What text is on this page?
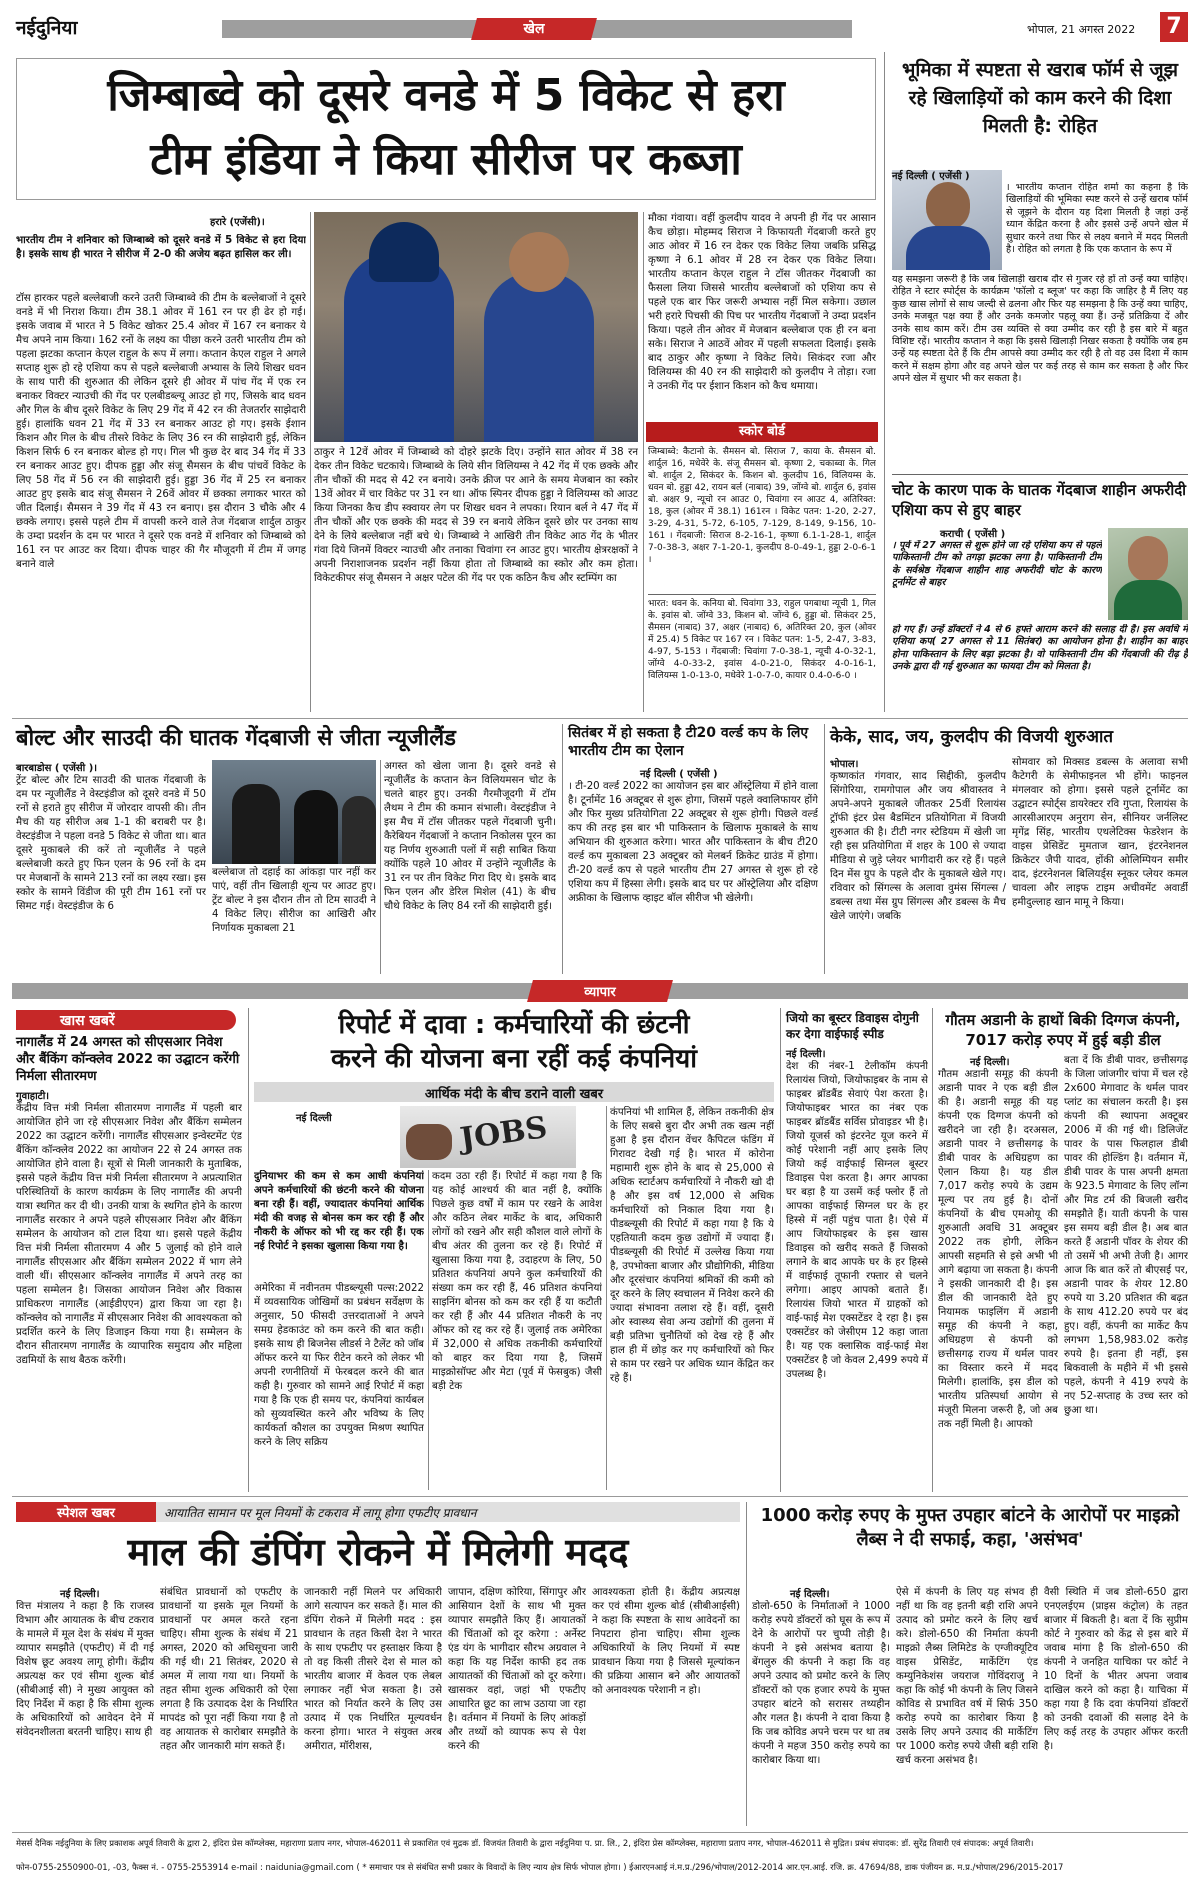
नईदुनिया	खेल	भोपाल, 21 अगस्त 2022 7
जिम्बाब्वे को दूसरे वनडे में 5 विकेट से हरा
टीम इंडिया ने किया सीरीज पर कब्जा
हरारे (एजेंसी)।
भारतीय टीम ने शनिवार को जिम्बाब्वे को दूसरे वनडे में 5 विकेट से हरा दिया है। इसके साथ ही भारत ने सीरीज में 2-0 की अजेय बढ़त हासिल कर ली।
टॉस हारकर पहले बल्लेबाजी करने उतरी जिम्बाब्वे की टीम के बल्लेबाजों ने दूसरे वनडे में भी निराश किया। टीम 38.1 ओवर में 161 रन पर ही ढेर हो गई। इसके जवाब में भारत ने 5 विकेट खोकर 25.4 ओवर में 167 रन बनाकर ये मैच अपने नाम किया। 162 रनों के लक्ष्य का पीछा करने उतरी भारतीय टीम को पहला झटका कप्तान केएल राहुल के रूप में लगा। कप्तान केएल राहुल ने अगले सप्ताह शुरू हो रहे एशिया कप से पहले बल्लेबाजी अभ्यास के लिये शिखर धवन के साथ पारी की शुरुआत की लेकिन दूसरे ही ओवर में पांच गेंद में एक रन बनाकर विक्टर न्याउची की गेंद पर एलबीडब्ल्यू आउट हो गए, जिसके बाद धवन और गिल के बीच दूसरे विकेट के लिए 29 गेंद में 42 रन की तेजतर्रार साझेदारी हुई। हालांकि धवन 21 गेंद में 33 रन बनाकर आउट हो गए। इसके ईशान किशन और गिल के बीच तीसरे विकेट के लिए 36 रन की साझेदारी हुई, लेकिन किशन सिर्फ 6 रन बनाकर बोल्ड हो गए। गिल भी कुछ देर बाद 34 गेंद में 33 रन बनाकर आउट हुए। दीपक हुड्डा और संजू सैमसन के बीच पांचवें विकेट के लिए 58 गेंद में 56 रन की साझेदारी हुई। हुड्डा 36 गेंद में 25 रन बनाकर आउट हुए इसके बाद संजू सैमसन ने 26वें ओवर में छक्का लगाकर भारत को जीत दिलाई। सैमसन ने 39 गेंद में 43 रन बनाए। इस दौरान 3 चौके और 4 छक्के लगाए। इससे पहले टीम में वापसी करने वाले तेज गेंदबाज शार्दुल ठाकुर के उम्दा प्रदर्शन के दम पर भारत ने दूसरे एक वनडे में शनिवार को जिम्बाब्वे को 161 रन पर आउट कर दिया। दीपक चाहर की गैर मौजूदगी में टीम में जगह बनाने वाले
ठाकुर ने 12वें ओवर में जिम्बाब्वे को दोहरे झटके दिए। उन्होंने सात ओवर में 38 रन देकर तीन विकेट चटकाये। जिम्बाब्वे के लिये सीन विलियम्स ने 42 गेंद में एक छक्के और तीन चौकों की मदद से 42 रन बनाये। उनके क्रीज पर आने के समय मेजबान का स्कोर 13वें ओवर में चार विकेट पर 31 रन था। ऑफ स्पिनर दीपक हुड्डा ने विलियम्स को आउट किया जिनका कैच डीप स्क्वायर लेग पर शिखर धवन ने लपका। रियान बर्ल ने 47 गेंद में तीन चौकों और एक छक्के की मदद से 39 रन बनाये लेकिन दूसरे छोर पर उनका साथ देने के लिये बल्लेबाज नहीं बचे थे। जिम्बाब्वे ने आखिरी तीन विकेट आठ गेंद के भीतर गंवा दिये जिनमें विक्टर न्याउची और तनाका चिवांगा रन आउट हुए। भारतीय क्षेत्ररक्षकों ने अपनी निराशाजनक प्रदर्शन नहीं किया होता तो जिम्बाब्वे का स्कोर और कम होता। विकेटकीपर संजू सैमसन ने अक्षर पटेल की गेंद पर एक कठिन कैच और स्टम्पिंग का
मौका गंवाया। वहीं कुलदीप यादव ने अपनी ही गेंद पर आसान कैच छोड़ा। मोहम्मद सिराज ने किफायती गेंदबाजी करते हुए आठ ओवर में 16 रन देकर एक विकेट लिया जबकि प्रसिद्ध कृष्णा ने 6.1 ओवर में 28 रन देकर एक विकेट लिया। भारतीय कप्तान केएल राहुल ने टॉस जीतकर गेंदबाजी का फैसला लिया जिससे भारतीय बल्लेबाजों को एशिया कप से पहले एक बार फिर जरूरी अभ्यास नहीं मिल सकेगा। उछाल भरी हरारे पिचसी की पिच पर भारतीय गेंदबाजों ने उम्दा प्रदर्शन किया। पहले तीन ओवर में मेजबान बल्लेबाज एक ही रन बना सके। सिराज ने आठवें ओवर में पहली सफलता दिलाई। इसके बाद ठाकुर और कृष्णा ने विकेट लिये। सिकंदर रजा और विलियम्स की 40 रन की साझेदारी को कुलदीप ने तोड़ा। रजा ने उनकी गेंद पर ईशान किशन को कैच थमाया।
स्कोर बोर्ड
जिम्बाब्वे: कैटानो के. सैमसन बो. सिराज 7, काया के. सैमसन बो. शार्दुल 16, मधेवेरे के. संजू सैमसन बो. कृष्णा 2, चकाब्वा के. गिल बो. शार्दुल 2, सिकंदर के. किशन बो. कुलदीप 16, विलियम्स के. धवन बो. हुड्डा 42, रायन बर्ल (नाबाद) 39, जोंग्वे बो. शार्दुल 6, इवांस बो. अक्षर 9, न्यूचो रन आउट 0, चिवांगा रन आउट 4, अतिरिक्त: 18, कुल (ओवर में 38.1) 161रन । विकेट पतन: 1-20, 2-27, 3-29, 4-31, 5-72, 6-105, 7-129, 8-149, 9-156, 10-161 । गेंदबाजी: सिराज 8-2-16-1, कृष्णा 6.1-1-28-1, शार्दुल 7-0-38-3, अक्षर 7-1-20-1, कुलदीप 8-0-49-1, हुड्डा 2-0-6-1 ।
भारत: धवन के. कनिया बो. चिवांगा 33, राहुल पगबाधा न्यूची 1, गिल के. इवांस बो. जोंग्वे 33, किशन बो. जोंग्वे 6, हुड्डा बो. सिकंदर 25, सैमसन (नाबाद) 37, अक्षर (नाबाद) 6, अतिरिक्त 20, कुल (ओवर में 25.4) 5 विकेट पर 167 रन । विकेट पतन: 1-5, 2-47, 3-83, 4-97, 5-153 । गेंदबाजी: चिवांगा 7-0-38-1, न्यूची 4-0-32-1, जोंग्वे 4-0-33-2, इवांस 4-0-21-0, सिकंदर 4-0-16-1, विलियम्स 1-0-13-0, मधेवेरे 1-0-7-0, कायार 0.4-0-6-0 ।
भूमिका में स्पष्टता से खराब फॉर्म से जूझ रहे खिलाड़ियों को काम करने की दिशा मिलती है: रोहित
नई दिल्ली ( एजेंसी )
। भारतीय कप्तान रोहित शर्मा का कहना है कि खिलाड़ियों की भूमिका स्पष्ट करने से उन्हें खराब फॉर्म से जूझने के दौरान यह दिशा मिलती है जहां उन्हें ध्यान केंद्रित करना है और इससे उन्हें अपने खेल में सुधार करने तथा फिर से लक्ष्य बनाने में मदद मिलती है। रोहित को लगता है कि एक कप्तान के रूप में
यह समझना जरूरी है कि जब खिलाड़ी खराब दौर से गुजर रहे हों तो उन्हें क्या चाहिए। रोहित ने स्टार स्पोर्ट्स के कार्यक्रम 'फॉलो द ब्लूज' पर कहा कि जाहिर है मैं लिए यह कुछ खास लोगों से साथ जल्दी से ढलना और फिर यह समझना है कि उन्हें क्या चाहिए, उनके मजबूत पक्ष क्या हैं और उनके कमजोर पहलू क्या हैं। उन्हें प्रतिक्रिया दें और उनके साथ काम करें। टीम उस व्यक्ति से क्या उम्मीद कर रही है इस बारे में बहुत विशिष्ट रहें। भारतीय कप्तान ने कहा कि इससे खिलाड़ी निखर सकता है क्योंकि जब हम उन्हें यह स्पष्टता देते हैं कि टीम आपसे क्या उम्मीद कर रही है तो वह उस दिशा में काम करने में सक्षम होगा और वह अपने खेल पर कई तरह से काम कर सकता है और फिर अपने खेल में सुधार भी कर सकता है।
चोट के कारण पाक के घातक गेंदबाज शाहीन अफरीदी एशिया कप से हुए बाहर
कराची ( एजेंसी )
। पूर्व में 27 अगस्त से शुरू होने जा रहे एशिया कप से पहले पाकिस्तानी टीम को तगड़ा झटका लगा है। पाकिस्तानी टीम के सर्वश्रेष्ठ गेंदबाज शाहीन शाह अफरीदी चोट के कारण टूर्नामेंट से बाहर
हो गए हैं। उन्हें डॉक्टरों ने 4 से 6 हफ्ते आराम करने की सलाह दी है। इस अवधि में एशिया कप( 27 अगस्त से 11 सितंबर) का आयोजन होना है। शाहीन का बाहर होना पाकिस्तान के लिए बड़ा झटका है। वो पाकिस्तानी टीम की गेंदबाजी की रीढ़ है उनके द्वारा दी गई शुरुआत का फायदा टीम को मिलता है।
बोल्ट और साउदी की घातक गेंदबाजी से जीता न्यूजीलैंड
बारबाडोस ( एजेंसी )।
ट्रेंट बोल्ट और टिम साउदी की घातक गेंदबाजी के दम पर न्यूजीलैंड ने वेस्टइंडीज को दूसरे वनडे में 50 रनों से हराते हुए सीरीज में जोरदार वापसी की। तीन मैच की यह सीरीज अब 1-1 की बराबरी पर है। वेस्टइंडीज ने पहला वनडे 5 विकेट से जीता था। बात दूसरे मुकाबले की करें तो न्यूजीलैंड ने पहले बल्लेबाजी करते हुए फिन एलन के 96 रनों के दम पर मेजबानों के सामने 213 रनों का लक्ष्य रखा। इस स्कोर के सामने विंडीज की पूरी टीम 161 रनों पर सिमट गई। वेस्टइंडीज के 6
बल्लेबाज तो दहाई का आंकड़ा पार नहीं कर पाएं, वहीं तीन खिलाड़ी शून्य पर आउट हुए। ट्रेंट बोल्ट ने इस दौरान तीन तो टिम साउदी ने 4 विकेट लिए। सीरीज का आखिरी और निर्णायक मुकाबला 21
अगस्त को खेला जाना है। दूसरे वनडे से न्यूजीलैंड के कप्तान केन विलियमसन चोट के चलते बाहर हुए। उनकी गैरमौजूदगी में टॉम लैथम ने टीम की कमान संभाली। वेस्टइंडीज ने इस मैच में टॉस जीतकर पहले गेंदबाजी चुनी। कैरेबियन गेंदबाजों ने कप्तान निकोलस पूरन का यह निर्णय शुरुआती पलों में सही साबित किया क्योंकि पहले 10 ओवर में उन्होंने न्यूजीलैंड के 31 रन पर तीन विकेट गिरा दिए थे। इसके बाद फिन एलन और डेरिल मिशेल (41) के बीच चौथे विकेट के लिए 84 रनों की साझेदारी हुई।
सितंबर में हो सकता है टी20 वर्ल्ड कप के लिए भारतीय टीम का ऐलान
नई दिल्ली ( एजेंसी )
। टी-20 वर्ल्ड 2022 का आयोजन इस बार ऑस्ट्रेलिया में होने वाला है। टूर्नामेंट 16 अक्टूबर से शुरू होगा, जिसमें पहले क्वालिफायर होंगे और फिर मुख्य प्रतियोगिता 22 अक्टूबर से शुरू होगी। पिछले वर्ल्ड कप की तरह इस बार भी पाकिस्तान के खिलाफ मुकाबले के साथ अभियान की शुरुआत करेगा। भारत और पाकिस्तान के बीच टी20 वर्ल्ड कप मुकाबला 23 अक्टूबर को मेलबर्न क्रिकेट ग्राउंड में होगा। टी-20 वर्ल्ड कप से पहले भारतीय टीम 27 अगस्त से शुरू हो रहे एशिया कप में हिस्सा लेगी। इसके बाद घर पर ऑस्ट्रेलिया और दक्षिण अफ्रीका के खिलाफ व्हाइट बॉल सीरीज भी खेलेगी।
केके, साद, जय, कुलदीप की विजयी शुरुआत
भोपाल।
कृष्णकांत गंगवार, साद सिद्दीकी, कुलदीप सिंगोरिया, रामगोपाल और जय श्रीवास्तव ने अपने-अपने मुकाबले जीतकर 25वीं रिलायंस ट्रॉफी इंटर प्रेस बैडमिंटन प्रतियोगिता में विजयी शुरुआत की है। टीटी नगर स्टेडियम में खेली जा रही इस प्रतियोगिता में शहर के 100 से ज्यादा मीडिया से जुड़े प्लेयर भागीदारी कर रहे हैं। पहले दिन मेंस ग्रुप के पहले दौर के मुकाबले खेले गए। रविवार को सिंगल्स के अलावा वुमंस सिंगल्स / डबल्स तथा मेंस ग्रुप सिंगल्स और डबल्स के मैच खेले जाएंगे। जबकि
सोमवार को मिक्सड डबल्स के अलावा सभी कैटेगरी के सेमीफाइनल भी होंगे। फाइनल मंगलवार को होगा। इससे पहले टूर्नामेंट का उद्घाटन स्पोर्ट्स डायरेक्टर रवि गुप्ता, रिलायंस के आरसीआरएम अनुराग सेन, सीनियर जर्नलिस्ट मृगेंद्र सिंह, भारतीय एथलेटिक्स फेडरेशन के वाइस प्रेसिडेंट मुमताज खान, इंटरनेशनल क्रिकेटर जैपी यादव, होंकी ओलिम्पियन समीर दाद, इंटरनेशनल बिलियर्ड्स स्नूकर प्लेयर कमल चावला और लाइफ टाइम अचीवमेंट अवार्डी हमीदुल्लाह खान मामू ने किया।
व्यापार
खास खबरें
नागालैंड में 24 अगस्त को सीएसआर निवेश और बैंकिंग कॉन्क्लेव 2022 का उद्घाटन करेंगी निर्मला सीतारमण
गुवाहाटी।
केंद्रीय वित्त मंत्री निर्मला सीतारमण नागालैंड में पहली बार आयोजित होने जा रहे सीएसआर निवेश और बैंकिंग सम्मेलन 2022 का उद्घाटन करेंगी। नागालैंड सीएसआर इन्वेस्टमेंट एंड बैंकिंग कॉन्क्लेव 2022 का आयोजन 22 से 24 अगस्त तक आयोजित होने वाला है। सूत्रों से मिली जानकारी के मुताबिक, इससे पहले केंद्रीय वित्त मंत्री निर्मला सीतारमण ने अप्रत्याशित परिस्थितियों के कारण कार्यक्रम के लिए नागालैंड की अपनी यात्रा स्थगित कर दी थी। उनकी यात्रा के स्थगित होने के कारण नागालैंड सरकार ने अपने पहले सीएसआर निवेश और बैंकिंग सम्मेलन के आयोजन को टाल दिया था। इससे पहले केंद्रीय वित्त मंत्री निर्मला सीतारमण 4 और 5 जुलाई को होने वाले नागालैंड सीएसआर और बैंकिंग सम्मेलन 2022 में भाग लेने वाली थीं। सीएसआर कॉन्क्लेव नागालैंड में अपने तरह का पहला सम्मेलन है। जिसका आयोजन निवेश और विकास प्राधिकरण नागालैंड (आईडीएएन) द्वारा किया जा रहा है। कॉन्क्लेव को नागालैंड में सीएसआर निवेश की आवश्यकता को प्रदर्शित करने के लिए डिजाइन किया गया है। सम्मेलन के दौरान सीतारमण नागालैंड के व्यापारिक समुदाय और महिला उद्यमियों के साथ बैठक करेंगी।
रिपोर्ट में दावा : कर्मचारियों की छंटनी
करने की योजना बना रहीं कई कंपनियां
आर्थिक मंदी के बीच डराने वाली खबर
नई दिल्ली	JOBS
दुनियाभर की कम से कम आधी कंपनियां अपने कर्मचारियों की छंटनी करने की योजना बना रही हैं। वहीं, ज्यादातर कंपनियां आर्थिक मंदी की वजह से बोनस कम कर रही हैं और नौकरी के ऑफर को भी रद्द कर रही हैं। एक नई रिपोर्ट ने इसका खुलासा किया गया है।
अमेरिका में नवीनतम पीडब्ल्यूसी पल्स:2022 में व्यवसायिक जोखिमों का प्रबंधन सर्वेक्षण के अनुसार, 50 फीसदी उत्तरदाताओं ने अपने समग्र हेडकाउंट को कम करने की बात कही। इसके साथ ही बिजनेस लीडर्स ने टैलेंट को जॉब ऑफर करने या फिर रीटेन करने को लेकर भी अपनी रणनीतियों में फेरबदल करने की बात कही है। गुरुवार को सामने आई रिपोर्ट में कहा गया है कि एक ही समय पर, कंपनियां कार्यबल को सुव्यवस्थित करने और भविष्य के लिए कार्यकर्ता कौशल का उपयुक्त मिश्रण स्थापित करने के लिए सक्रिय
कदम उठा रही हैं। रिपोर्ट में कहा गया है कि यह कोई आश्चर्य की बात नहीं है, क्योंकि पिछले कुछ वर्षों में काम पर रखने के आवेश और कठिन लेबर मार्केट के बाद, अधिकारी लोगों को रखने और सही कौशल वाले लोगों के बीच अंतर की तुलना कर रहे हैं। रिपोर्ट में खुलासा किया गया है, उदाहरण के लिए, 50 प्रतिशत कंपनियां अपने कुल कर्मचारियों की संख्या कम कर रही हैं, 46 प्रतिशत कंपनियां साइनिंग बोनस को कम कर रही हैं या कटौती कर रही हैं और 44 प्रतिशत नौकरी के नए ऑफर को रद्द कर रहे हैं। जुलाई तक अमेरिका में 32,000 से अधिक तकनीकी कर्मचारियों को बाहर कर दिया गया है, जिसमें माइक्रोसॉफ्ट और मेटा (पूर्व में फेसबुक) जैसी बड़ी टेक
कंपनियां भी शामिल हैं, लेकिन तकनीकी क्षेत्र के लिए सबसे बुरा दौर अभी तक खत्म नहीं हुआ है इस दौरान वेंचर कैपिटल फंडिंग में गिरावट देखी गई है। भारत में कोरोना महामारी शुरू होने के बाद से 25,000 से अधिक स्टार्टअप कर्मचारियों ने नौकरी खो दी है और इस वर्ष 12,000 से अधिक कर्मचारियों को निकाल दिया गया है। पीडब्ल्यूसी की रिपोर्ट में कहा गया है कि ये एहतियाती कदम कुछ उद्योगों में ज्यादा हैं। पीडब्ल्यूसी की रिपोर्ट में उल्लेख किया गया है, उपभोक्ता बाजार और प्रौद्योगिकी, मीडिया और दूरसंचार कंपनियां श्रमिकों की कमी को दूर करने के लिए स्वचालन में निवेश करने की ज्यादा संभावना तलाश रहे हैं। वहीं, दूसरी ओर स्वास्थ्य सेवा अन्य उद्योगों की तुलना में बड़ी प्रतिभा चुनौतियों को देख रहे हैं और हाल ही में छोड़ कर गए कर्मचारियों को फिर से काम पर रखने पर अधिक ध्यान केंद्रित कर रहे हैं।
जियो का बूस्टर डिवाइस दोगुनी कर देगा वाईफाई स्पीड
नई दिल्ली।
देश की नंबर-1 टेलीकॉम कंपनी रिलायंस जियो, जियोफाइबर के नाम से फाइबर ब्रॉडबैंड सेवाएं पेश करता है। जियोफाइबर भारत का नंबर एक फाइबर ब्रॉडबैंड सर्विस प्रोवाइडर भी है। जियो यूजर्स को इंटरनेट यूज करने में कोई परेशानी नहीं आए इसके लिए जियो कई वाईफाई सिग्नल बूस्टर डिवाइस पेश करता है। अगर आपका घर बड़ा है या उसमें कई फ्लोर हैं तो आपका वाईफाई सिग्नल घर के हर हिस्से में नहीं पहुंच पाता है। ऐसे में आप जियोफाइबर के इस खास डिवाइस को खरीद सकते हैं जिसको लगाने के बाद आपके घर के हर हिस्से में वाईफाई तूफानी रफ्तार से चलने लगेगा। आइए आपको बताते हैं। रिलायंस जियो भारत में ग्राहकों को वाई-फाई मेश एक्सटेंडर दे रहा है। इस एक्सटेंडर को जेसीएम 12 कहा जाता है। यह एक क्लासिक वाई-फाई मेश एक्सटेंडर है जो केवल 2,499 रुपये में उपलब्ध है।
गौतम अडानी के हाथों बिकी दिग्गज कंपनी, 7017 करोड़ रुपए में हुई बड़ी डील
नई दिल्ली।
गौतम अडानी समूह की कंपनी अडानी पावर ने एक बड़ी डील की है। अडानी समूह की यह कंपनी एक दिग्गज कंपनी को खरीदने जा रही है। दरअसल, अडानी पावर ने छत्तीसगढ़ के डीबी पावर के अधिग्रहण का ऐलान किया है। यह डील 7,017 करोड़ रुपये के उद्यम मूल्य पर तय हुई है। दोनों कंपनियों के बीच एमओयू की शुरुआती अवधि 31 अक्टूबर 2022 तक होगी, लेकिन आपसी सहमति से इसे अभी भी आगे बढ़ाया जा सकता है। कंपनी ने इसकी जानकारी दी है। इस डील की जानकारी देते हुए नियामक फाइलिंग में अडानी समूह की कंपनी ने कहा, अधिग्रहण से कंपनी को छत्तीसगढ़ राज्य में थर्मल पावर का विस्तार करने में मदद मिलेगी। हालांकि, इस डील को भारतीय प्रतिस्पर्धा आयोग से मंजूरी मिलना जरूरी है, जो अब तक नहीं मिली है। आपको
बता दें कि डीबी पावर, छत्तीसगढ़ के जिला जांजगीर चांपा में चल रहे 2x600 मेगावाट के थर्मल पावर प्लांट का संचालन करती है। इस कंपनी की स्थापना अक्टूबर 2006 में की गई थी। डिलिजेंट पावर के पास फिलहाल डीबी पावर की होल्डिंग है। वर्तमान में, डीबी पावर के पास अपनी क्षमता के 923.5 मेगावाट के लिए लॉन्ग और मिड टर्म की बिजली खरीद समझौते हैं। याती कंपनी के पास इस समय बड़ी डील है। अब बात करते हैं अडानी पॉवर के शेयर की तो उसमें भी अभी तेजी है। आगर आज कि बात करें तो बीएसई पर, अडानी पावर के शेयर 12.80 रुपये या 3.20 प्रतिशत की बढ़त के साथ 412.20 रुपये पर बंद हुए। वहीं, कंपनी का मार्केट कैप लगभग 1,58,983.02 करोड़ रुपये है। इतना ही नहीं, इस बिकवाली के महीने में भी इससे पहले, कंपनी ने 419 रुपये के नए 52-सप्ताह के उच्च स्तर को छुआ था।
स्पेशल खबर	आयातित सामान पर मूल नियमों के टकराव में लागू होगा एफटीए प्रावधान
माल की डंपिंग रोकने में मिलेगी मदद
नई दिल्ली।
वित्त मंत्रालय ने कहा है कि राजस्व विभाग और आयातक के बीच टकराव के मामले में मूल देश के संबंध में मुक्त व्यापार समझौते (एफटीए) में दी गई विशेष छूट अवश्य लागू होगी। केंद्रीय अप्रत्यक्ष कर एवं सीमा शुल्क बोर्ड (सीबीआई सी) ने मुख्य आयुक्त को दिए निर्देश में कहा है कि सीमा शुल्क के अधिकारियों को आवेदन देने में संवेदनशीलता बरतनी चाहिए। साथ ही
संबंधित प्रावधानों को एफटीए के प्रावधानों या इसके मूल नियमों के प्रावधानों पर अमल करते रहना चाहिए। सीमा शुल्क के संबंध में 21 अगस्त, 2020 को अधिसूचना जारी की गई थी। 21 सितंबर, 2020 से अमल में लाया गया था। नियमों के तहत सीमा शुल्क अधिकारी को ऐसा लगता है कि उत्पादक देश के निर्धारित मापदंड को पूरा नहीं किया गया है तो वह आयातक से कारोबार समझौते के तहत और जानकारी मांग सकते हैं।
जानकारी नहीं मिलने पर अधिकारी आगे सत्यापन कर सकते हैं। माल की डंपिंग रोकने में मिलेगी मदद : इस प्रावधान के तहत किसी देश ने भारत के साथ एफटीए पर हस्ताक्षर किया है तो वह किसी तीसरे देश से माल को भारतीय बाजार में केवल एक लेबल लगाकर नहीं भेज सकता है। उसे भारत को निर्यात करने के लिए उस उत्पाद में एक निर्धारित मूल्यवर्धन करना होगा। भारत ने संयुक्त अरब अमीरात, मॉरीशस,
जापान, दक्षिण कोरिया, सिंगापुर और आसियान देशों के साथ भी मुक्त व्यापार समझौते किए हैं। आयातकों की चिंताओं को दूर करेगा : अर्नेस्ट एंड यंग के भागीदार सौरभ अग्रवाल ने कहा कि यह निर्देश काफी हद तक आयातकों की चिंताओं को दूर करेगा। खासकर वहां, जहां भी एफटीए आधारित छूट का लाभ उठाया जा रहा है। वर्तमान में नियमों के लिए आंकड़ों और तथ्यों को व्यापक रूप से पेश करने की
आवश्यकता होती है। केंद्रीय अप्रत्यक्ष कर एवं सीमा शुल्क बोर्ड (सीबीआईसी) ने कहा कि स्पष्टता के साथ आवेदनों का निपटारा होना चाहिए। सीमा शुल्क अधिकारियों के लिए नियमों में स्पष्ट प्रावधान किया गया है जिससे मूल्यांकन की प्रक्रिया आसान बने और आयातकों को अनावश्यक परेशानी न हो।
1000 करोड़ रुपए के मुफ्त उपहार बांटने के आरोपों पर माइक्रो लैब्स ने दी सफाई, कहा, 'असंभव'
नई दिल्ली।
डोलो-650 के निर्माताओं ने 1000 करोड़ रुपये डॉक्टरों को घूस के रूप में देने के आरोपों पर चुप्पी तोड़ी है। कंपनी ने इसे असंभव बताया है। बेंगलुरु की कंपनी ने कहा कि वह अपने उत्पाद को प्रमोट करने के लिए डॉक्टरों को एक हजार रुपये के मुफ्त उपहार बांटने को सरासर तथ्यहीन और गलत है। कंपनी ने दावा किया है कि जब कोविड अपने चरम पर था तब कंपनी ने महज 350 करोड़ रुपये का कारोबार किया था।
ऐसे में कंपनी के लिए यह संभव ही नहीं था कि वह इतनी बड़ी राशि अपने उत्पाद को प्रमोट करने के लिए खर्च करे। डोलो-650 की निर्माता कंपनी माइक्रो लैब्स लिमिटेड के एग्जीक्यूटिव वाइस प्रेसिडेंट, मार्केटिंग एंड कम्युनिकेशंस जयराज गोविंदराजु ने कहा कि कोई भी कंपनी के लिए जिसने कोविड से प्रभावित वर्ष में सिर्फ 350 करोड़ रुपये का कारोबार किया है उसके लिए अपने उत्पाद की मार्केटिंग पर 1000 करोड़ रुपये जैसी बड़ी राशि खर्च करना असंभव है।
वैसी स्थिति में जब डोलो-650 द्वारा एनएलईएम (प्राइस कंट्रोल) के तहत बाजार में बिकती है। बता दें कि सुप्रीम कोर्ट ने गुरुवार को केंद्र से इस बारे में जवाब मांगा है कि डोलो-650 की कंपनी ने जनहित याचिका पर कोर्ट ने 10 दिनों के भीतर अपना जवाब दाखिल करने को कहा है। याचिका में कहा गया है कि दवा कंपनियां डॉक्टरों को उनकी दवाओं की सलाह देने के लिए कई तरह के उपहार ऑफर करती है।
मेसर्स दैनिक नईदुनिया के लिए प्रकाशक अपूर्व तिवारी के द्वारा 2, इंदिरा प्रेस कॉम्प्लेक्स, महाराणा प्रताप नगर, भोपाल-462011 से प्रकाशित एवं मुद्रक डॉ. विजयंत तिवारी के द्वारा नईदुनिया प. प्रा. लि., 2, इंदिरा प्रेस कॉम्प्लेक्स, महाराणा प्रताप नगर, भोपाल-462011 से मुद्रित। प्रबंध संपादक: डॉ. सुरेंद्र तिवारी एवं संपादक: अपूर्व तिवारी।
फोन-0755-2550900-01, -03, फैक्स नं. - 0755-2553914 e-mail : naidunia@gmail.com ( * समाचार पत्र से संबंधित सभी प्रकार के विवादों के लिए न्याय क्षेत्र सिर्फ भोपाल होगा। ) ईआरएनआई नं.म.प्र./296/भोपाल/2012-2014 आर.एन.आई. रजि. क्र. 47694/88, डाक पंजीयन क्र. म.प्र./भोपाल/296/2015-2017
